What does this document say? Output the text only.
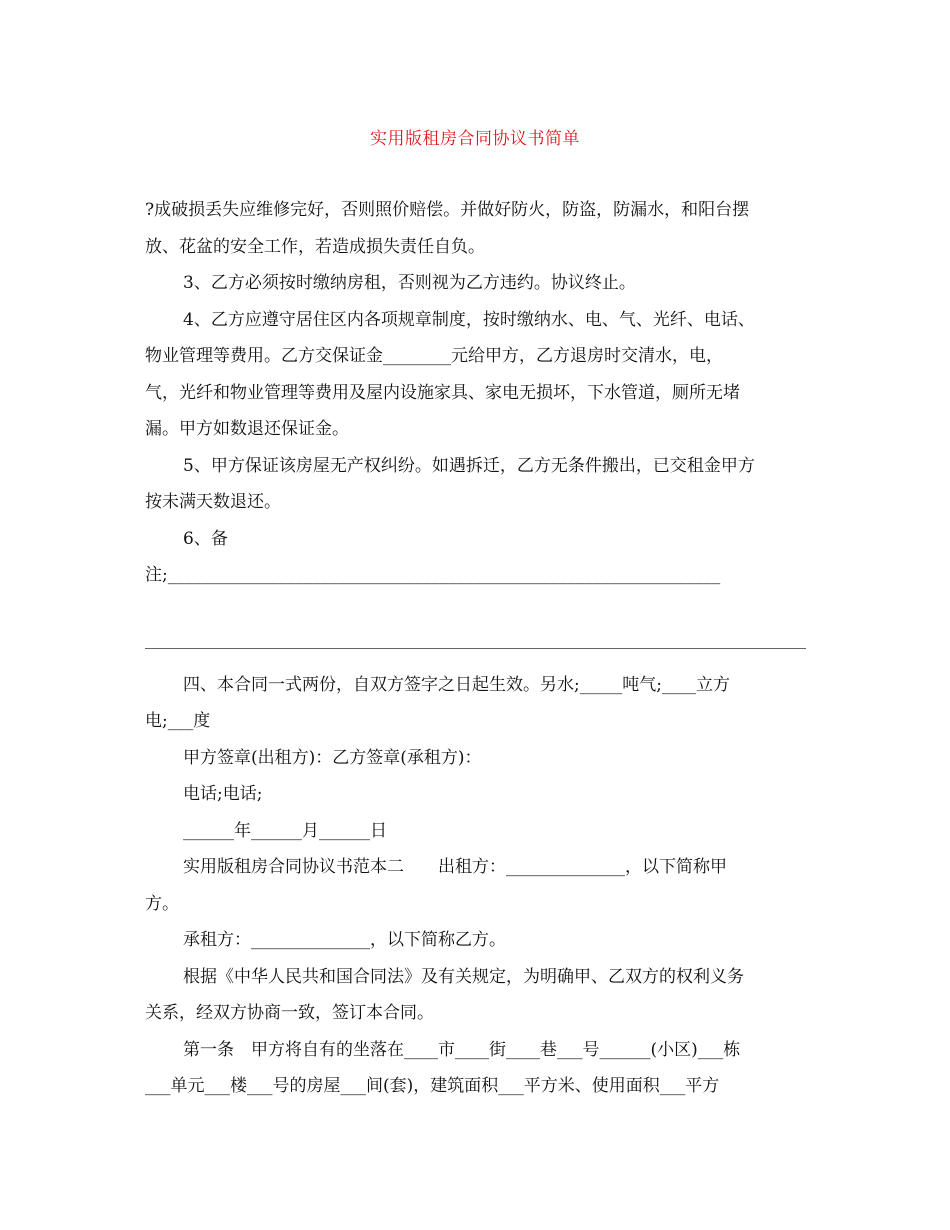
实用版租房合同协议书简单
?成破损丢失应维修完好，否则照价赔偿。并做好防火，防盗，防漏水，和阳台摆
放、花盆的安全工作，若造成损失责任自负。
3、乙方必须按时缴纳房租，否则视为乙方违约。协议终止。
4、乙方应遵守居住区内各项规章制度，按时缴纳水、电、气、光纤、电话、
物业管理等费用。乙方交保证金________元给甲方，乙方退房时交清水，电，
气，光纤和物业管理等费用及屋内设施家具、家电无损坏，下水管道，厕所无堵
漏。甲方如数退还保证金。
5、甲方保证该房屋无产权纠纷。如遇拆迁，乙方无条件搬出，已交租金甲方
按未满天数退还。
6、备
注;_________________________________________________________________
四、本合同一式两份，自双方签字之日起生效。另水;_____吨气;____立方
电;___度
甲方签章(出租方)：乙方签章(承租方)：
电话;电话;
______年______月______日
实用版租房合同协议书范本二　　出租方：______________，以下简称甲
方。
承租方：______________，以下简称乙方。
根据《中华人民共和国合同法》及有关规定，为明确甲、乙双方的权利义务
关系，经双方协商一致，签订本合同。
第一条　甲方将自有的坐落在____市____街____巷___号______(小区)___栋
___单元___楼___号的房屋___间(套)，建筑面积___平方米、使用面积___平方
